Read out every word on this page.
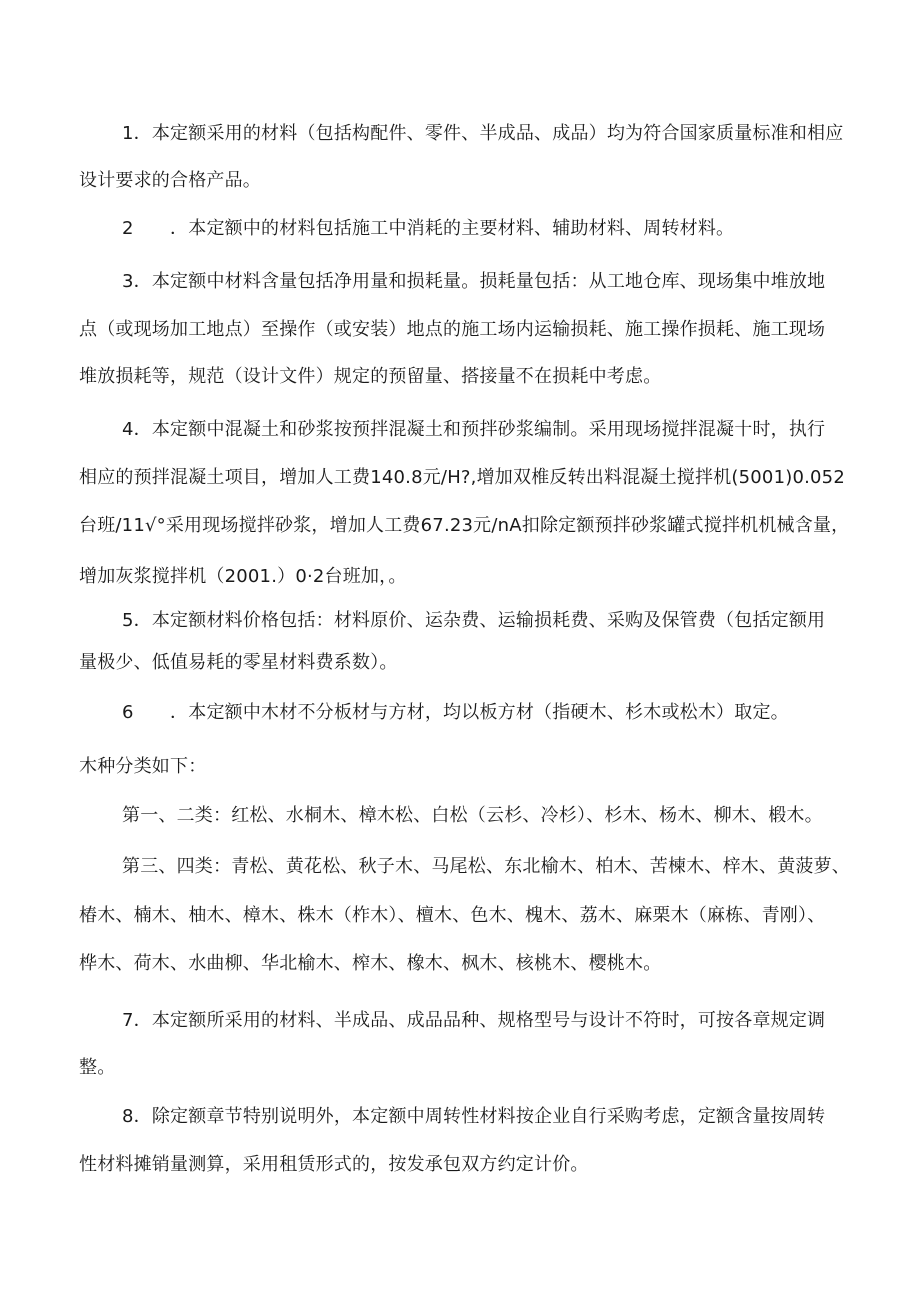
1．本定额采用的材料（包括构配件、零件、半成品、成品）均为符合国家质量标准和相应
设计要求的合格产品。
2　　．本定额中的材料包括施工中消耗的主要材料、辅助材料、周转材料。
3．本定额中材料含量包括净用量和损耗量。损耗量包括：从工地仓库、现场集中堆放地
点（或现场加工地点）至操作（或安装）地点的施工场内运输损耗、施工操作损耗、施工现场
堆放损耗等，规范（设计文件）规定的预留量、搭接量不在损耗中考虑。
4．本定额中混凝土和砂浆按预拌混凝土和预拌砂浆编制。采用现场搅拌混凝十时，执行
相应的预拌混凝土项目，增加人工费140.8元/H?,增加双椎反转出料混凝土搅拌机(5001)0.052
台班/11√°采用现场搅拌砂浆，增加人工费67.23元/nA扣除定额预拌砂浆罐式搅拌机机械含量，
增加灰浆搅拌机（2001.）0·2台班加，。
5．本定额材料价格包括：材料原价、运杂费、运输损耗费、采购及保管费（包括定额用
量极少、低值易耗的零星材料费系数）。
6　　．本定额中木材不分板材与方材，均以板方材（指硬木、杉木或松木）取定。
木种分类如下：
第一、二类：红松、水桐木、樟木松、白松（云杉、冷杉）、杉木、杨木、柳木、椴木。
第三、四类：青松、黄花松、秋子木、马尾松、东北榆木、柏木、苦楝木、梓木、黄菠萝、
椿木、楠木、柚木、樟木、株木（柞木）、檀木、色木、槐木、荔木、麻栗木（麻栋、青刚）、
桦木、荷木、水曲柳、华北榆木、榨木、橡木、枫木、核桃木、樱桃木。
7．本定额所采用的材料、半成品、成品品种、规格型号与设计不符时，可按各章规定调
整。
8．除定额章节特别说明外，本定额中周转性材料按企业自行采购考虑，定额含量按周转
性材料摊销量测算，采用租赁形式的，按发承包双方约定计价。
